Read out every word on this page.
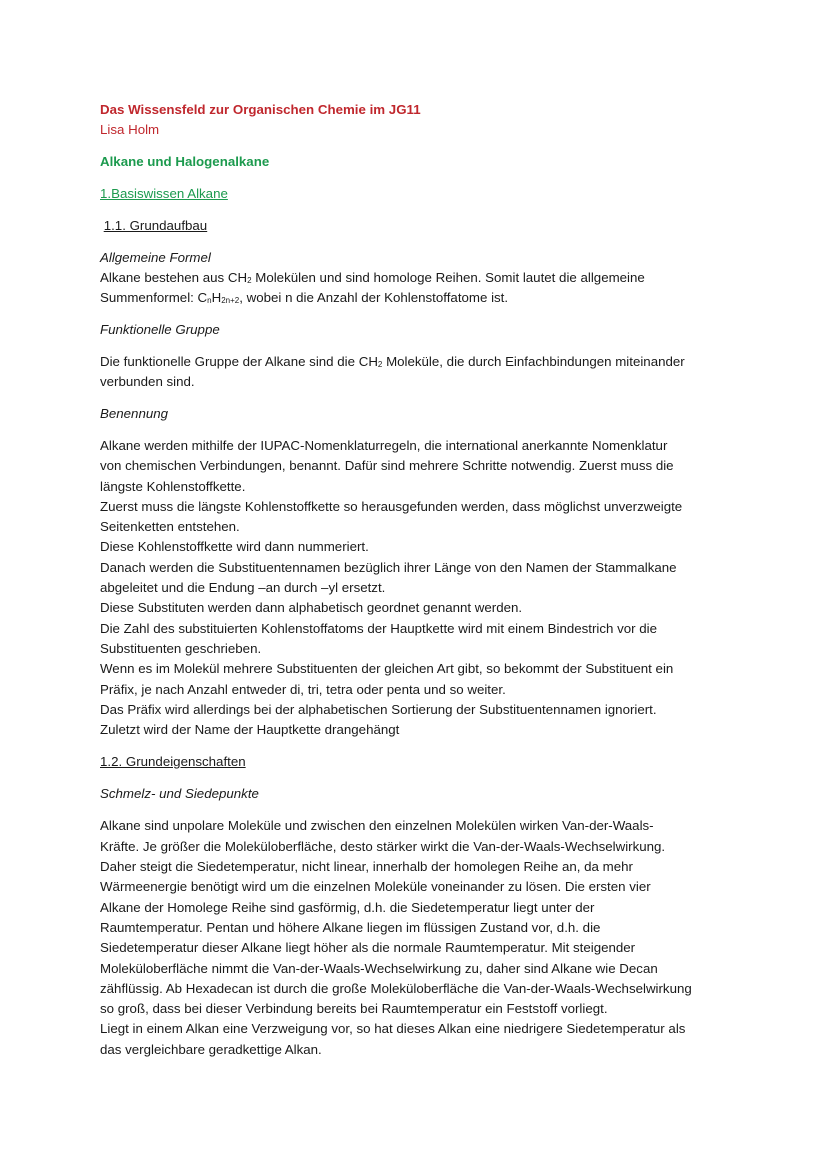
Das Wissensfeld zur Organischen Chemie im JG11
Lisa Holm
Alkane und Halogenalkane
1.Basiswissen Alkane
1.1. Grundaufbau
Allgemeine Formel
Alkane bestehen aus $CH_2$ Molekülen und sind homologe Reihen. Somit lautet die allgemeine
Summenformel: $C_nH_{2n+2}$, wobei n die Anzahl der Kohlenstoffatome ist.
Funktionelle Gruppe
Die funktionelle Gruppe der Alkane sind die $CH_2$ Moleküle, die durch Einfachbindungen miteinander
verbunden sind.
Benennung
Alkane werden mithilfe der IUPAC-Nomenklaturregeln, die international anerkannte Nomenklatur
von chemischen Verbindungen, benannt. Dafür sind mehrere Schritte notwendig. Zuerst muss die
längste Kohlenstoffkette.
Zuerst muss die längste Kohlenstoffkette so herausgefunden werden, dass möglichst unverzweigte
Seitenketten entstehen.
Diese Kohlenstoffkette wird dann nummeriert.
Danach werden die Substituentennamen bezüglich ihrer Länge von den Namen der Stammalkane
abgeleitet und die Endung –an durch –yl ersetzt.
Diese Substituten werden dann alphabetisch geordnet genannt werden.
Die Zahl des substituierten Kohlenstoffatoms der Hauptkette wird mit einem Bindestrich vor die
Substituenten geschrieben.
Wenn es im Molekül mehrere Substituenten der gleichen Art gibt, so bekommt der Substituent ein
Präfix, je nach Anzahl entweder di, tri, tetra oder penta und so weiter.
Das Präfix wird allerdings bei der alphabetischen Sortierung der Substituentennamen ignoriert.
Zuletzt wird der Name der Hauptkette drangehängt
1.2. Grundeigenschaften
Schmelz- und Siedepunkte
Alkane sind unpolare Moleküle und zwischen den einzelnen Molekülen wirken Van-der-Waals-
Kräfte. Je größer die Moleküloberfläche, desto stärker wirkt die Van-der-Waals-Wechselwirkung.
Daher steigt die Siedetemperatur, nicht linear, innerhalb der homolegen Reihe an, da mehr
Wärmeenergie benötigt wird um die einzelnen Moleküle voneinander zu lösen. Die ersten vier
Alkane der Homolege Reihe sind gasförmig, d.h. die Siedetemperatur liegt unter der
Raumtemperatur. Pentan und höhere Alkane liegen im flüssigen Zustand vor, d.h. die
Siedetemperatur dieser Alkane liegt höher als die normale Raumtemperatur. Mit steigender
Moleküloberfläche nimmt die Van-der-Waals-Wechselwirkung zu, daher sind Alkane wie Decan
zähflüssig. Ab Hexadecan ist durch die große Moleküloberfläche die Van-der-Waals-Wechselwirkung
so groß, dass bei dieser Verbindung bereits bei Raumtemperatur ein Feststoff vorliegt.
Liegt in einem Alkan eine Verzweigung vor, so hat dieses Alkan eine niedrigere Siedetemperatur als
das vergleichbare geradkettige Alkan.
